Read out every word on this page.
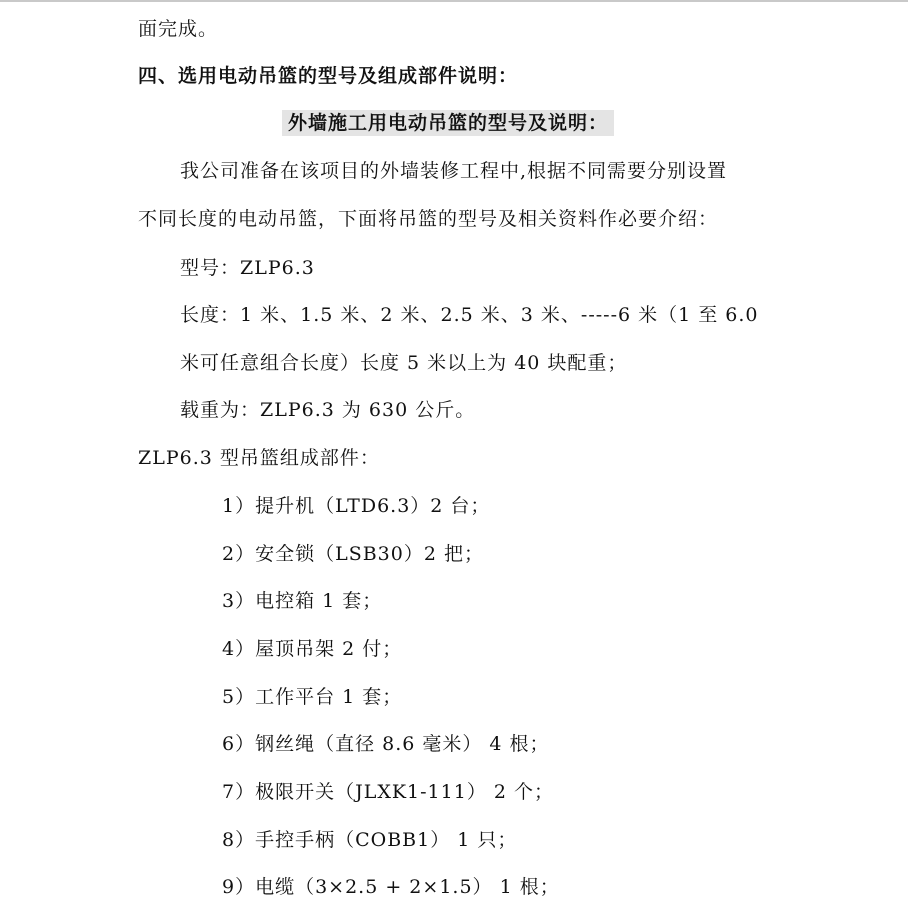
面完成。
四、选用电动吊篮的型号及组成部件说明：
外墙施工用电动吊篮的型号及说明：
我公司准备在该项目的外墙装修工程中,根据不同需要分别设置
不同长度的电动吊篮，下面将吊篮的型号及相关资料作必要介绍：
型号：ZLP6.3
长度：1 米、1.5 米、2 米、2.5 米、3 米、-----6 米（1 至 6.0
米可任意组合长度）长度 5 米以上为 40 块配重；
载重为：ZLP6.3 为 630 公斤。
ZLP6.3 型吊篮组成部件：
1）提升机（LTD6.3）2 台；
2）安全锁（LSB30）2 把；
3）电控箱 1 套；
4）屋顶吊架 2 付；
5）工作平台 1 套；
6）钢丝绳（直径 8.6 毫米） 4 根；
7）极限开关（JLXK1-111） 2 个；
8）手控手柄（COBB1） 1 只；
9）电缆（3×2.5 + 2×1.5） 1 根；
